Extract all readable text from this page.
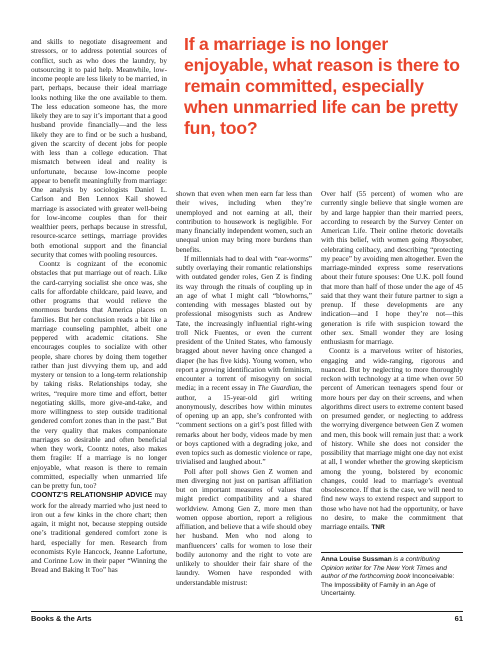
and skills to negotiate disagreement and stressors, or to address potential sources of conflict, such as who does the laundry, by outsourcing it to paid help. Meanwhile, low-income people are less likely to be married, in part, perhaps, because their ideal marriage looks nothing like the one available to them. The less education someone has, the more likely they are to say it’s important that a good husband provide financially—and the less likely they are to find or be such a husband, given the scarcity of decent jobs for people with less than a college education. That mismatch between ideal and reality is unfortunate, because low-income people appear to benefit meaningfully from marriage: One analysis by sociologists Daniel L. Carlson and Ben Lennox Kail showed marriage is associated with greater well-being for low-income couples than for their wealthier peers, perhaps because in stressful, resource-scarce settings, marriage provides both emotional support and the financial security that comes with pooling resources.

Coontz is cognizant of the economic obstacles that put marriage out of reach. Like the card-carrying socialist she once was, she calls for affordable childcare, paid leave, and other programs that would relieve the enormous burdens that America places on families. But her conclusion reads a bit like a marriage counseling pamphlet, albeit one peppered with academic citations. She encourages couples to socialize with other people, share chores by doing them together rather than just divvying them up, and add mystery or tension to a long-term relationship by taking risks. Relationships today, she writes, “require more time and effort, better negotiating skills, more give-and-take, and more willingness to step outside traditional gendered comfort zones than in the past.” But the very quality that makes companionate marriages so desirable and often beneficial when they work, Coontz notes, also makes them fragile: If a marriage is no longer enjoyable, what reason is there to remain committed, especially when unmarried life can be pretty fun, too?

COONTZ’S RELATIONSHIP ADVICE may work for the already married who just need to iron out a few kinks in the chore chart; then again, it might not, because stepping outside one’s traditional gendered comfort zone is hard, especially for men. Research from economists Kyle Hancock, Jeanne Lafortune, and Corinne Low in their paper “Winning the Bread and Baking It Too” has

If a marriage is no longer enjoyable, what reason is there to remain committed, especially when unmarried life can be pretty fun, too?

shown that even when men earn far less than their wives, including when they’re unemployed and not earning at all, their contribution to housework is negligible. For many financially independent women, such an unequal union may bring more burdens than benefits.

If millennials had to deal with “ear-worms” subtly overlaying their romantic relationships with outdated gender roles, Gen Z is finding its way through the rituals of coupling up in an age of what I might call “blowhorns,” contending with messages blasted out by professional misogynists such as Andrew Tate, the increasingly influential right-wing troll Nick Fuentes, or even the current president of the United States, who famously bragged about never having once changed a diaper (he has five kids). Young women, who report a growing identification with feminism, encounter a torrent of misogyny on social media; in a recent essay in The Guardian, the author, a 15-year-old girl writing anonymously, describes how within minutes of opening up an app, she’s confronted with “comment sections on a girl’s post filled with remarks about her body, videos made by men or boys captioned with a degrading joke, and even topics such as domestic violence or rape, trivialised and laughed about.”

Poll after poll shows Gen Z women and men diverging not just on partisan affiliation but on important measures of values that might predict compatibility and a shared worldview. Among Gen Z, more men than women oppose abortion, report a religious affiliation, and believe that a wife should obey her husband. Men who nod along to manfluencers’ calls for women to lose their bodily autonomy and the right to vote are unlikely to shoulder their fair share of the laundry. Women have responded with understandable mistrust:

Over half (55 percent) of women who are currently single believe that single women are by and large happier than their married peers, according to research by the Survey Center on American Life. Their online rhetoric dovetails with this belief, with women going #boysober, celebrating celibacy, and describing “protecting my peace” by avoiding men altogether. Even the marriage-minded express some reservations about their future spouses: One U.K. poll found that more than half of those under the age of 45 said that they want their future partner to sign a prenup. If these developments are any indication—and I hope they’re not—this generation is rife with suspicion toward the other sex. Small wonder they are losing enthusiasm for marriage.

Coontz is a marvelous writer of histories, engaging and wide-ranging, rigorous and nuanced. But by neglecting to more thoroughly reckon with technology at a time when over 50 percent of American teenagers spend four or more hours per day on their screens, and when algorithms direct users to extreme content based on presumed gender, or neglecting to address the worrying divergence between Gen Z women and men, this book will remain just that: a work of history. While she does not consider the possibility that marriage might one day not exist at all, I wonder whether the growing skepticism among the young, bolstered by economic changes, could lead to marriage’s eventual obsolescence. If that is the case, we will need to find new ways to extend respect and support to those who have not had the opportunity, or have no desire, to make the commitment that marriage entails. TNR

Anna Louise Sussman is a contributing Opinion writer for The New York Times and author of the forthcoming book Inconceivable: The Impossibility of Family in an Age of Uncertainty.
Books & the Arts	61
